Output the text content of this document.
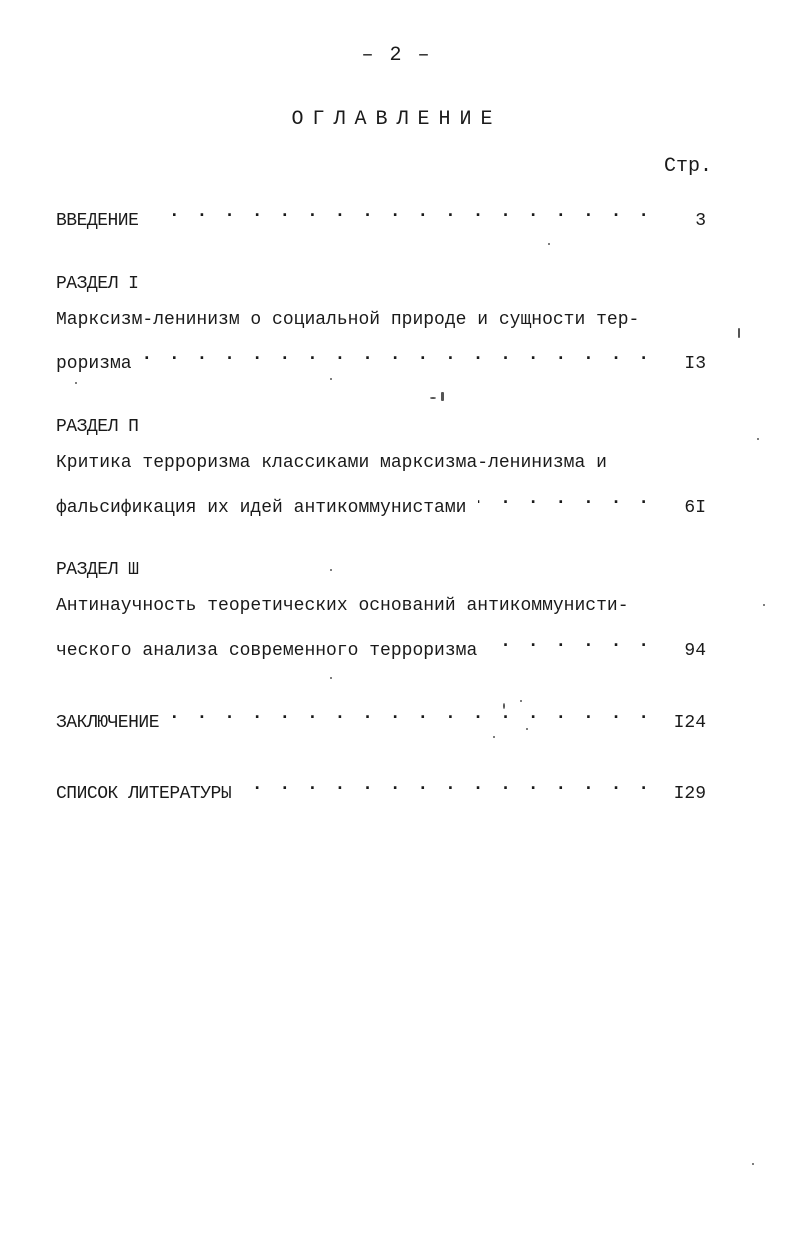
– 2 –
ОГЛАВЛЕНИЕ
Стр.
ВВЕДЕНИЕ . . .	3
РАЗДЕЛ I
Марксизм-ленинизм о социальной природе и сущности тер-
роризма . . .	I3
РАЗДЕЛ П
Критика терроризма классиками марксизма-ленинизма и
фальсификация их идей антикоммунистами . . .	6I
РАЗДЕЛ Ш
Антинаучность теоретических оснований антикоммунисти-
ческого анализа современного терроризма . . .	94
ЗАКЛЮЧЕНИЕ . . .	I24
СПИСОК ЛИТЕРАТУРЫ . . .	I29
